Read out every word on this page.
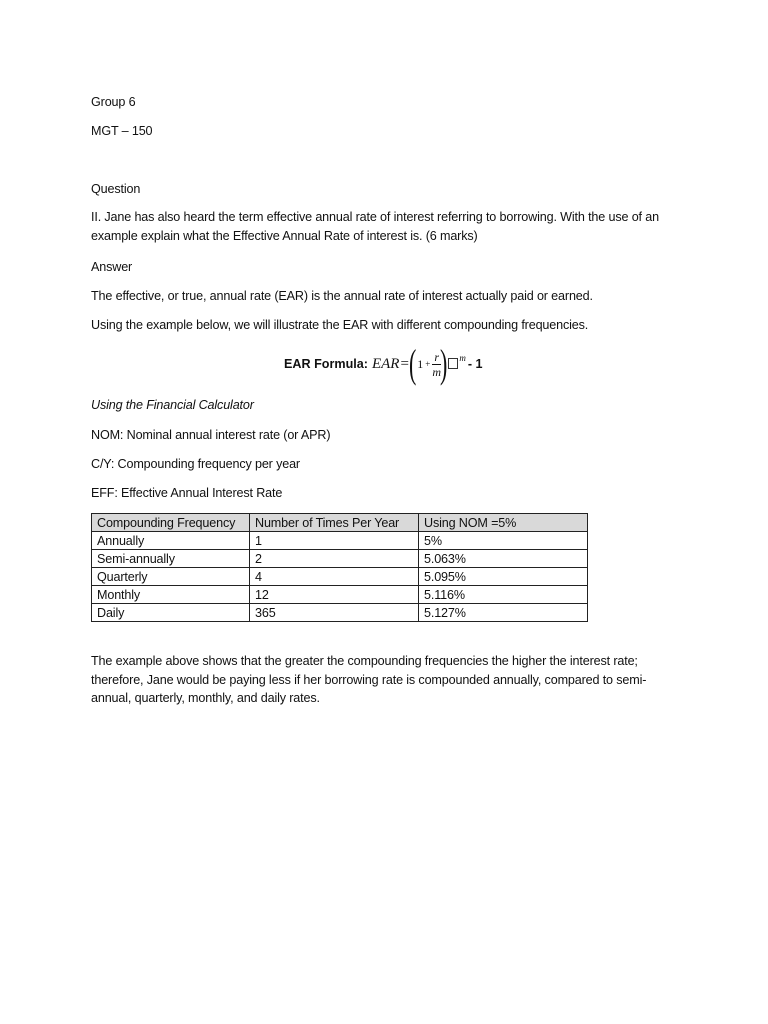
Group 6
MGT – 150
Question
II. Jane has also heard the term effective annual rate of interest referring to borrowing. With the use of an example explain what the Effective Annual Rate of interest is. (6 marks)
Answer
The effective, or true, annual rate (EAR) is the annual rate of interest actually paid or earned.
Using the example below, we will illustrate the EAR with different compounding frequencies.
EAR Formula: EAR = ( $1 + \frac{r}{m}$
) m - 1
Using the Financial Calculator
NOM: Nominal annual interest rate (or APR)
C/Y: Compounding frequency per year
EFF: Effective Annual Interest Rate
Compounding Frequency	Number of Times Per Year	Using NOM =5%
Annually	1	5%
Semi-annually	2	5.063%
Quarterly	4	5.095%
Monthly	12	5.116%
Daily	365	5.127%
The example above shows that the greater the compounding frequencies the higher the interest rate; therefore, Jane would be paying less if her borrowing rate is compounded annually, compared to semi-annual, quarterly, monthly, and daily rates.
